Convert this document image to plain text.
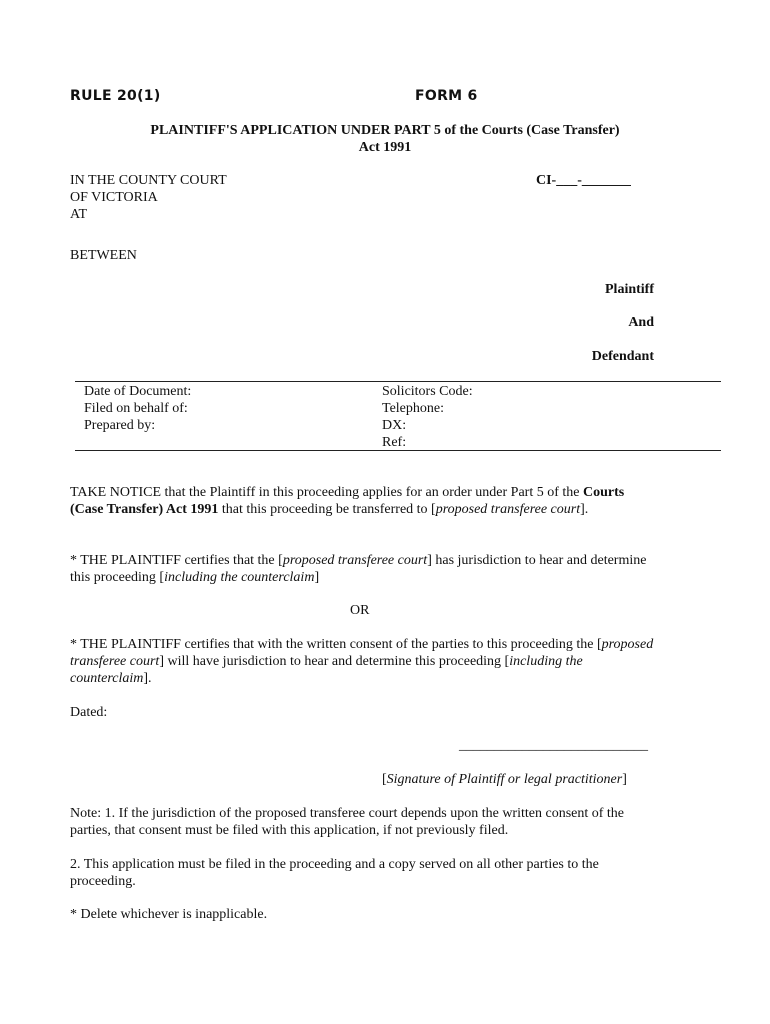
RULE 20(1)	FORM 6
PLAINTIFF'S APPLICATION UNDER PART 5 of the Courts (Case Transfer)
Act 1991
IN THE COUNTY COURT
OF VICTORIA
AT
CI-___-_______
BETWEEN
Plaintiff
And
Defendant
Date of Document:
Filed on behalf of:
Prepared by:
Solicitors Code:
Telephone:
DX:
Ref:

TAKE NOTICE that the Plaintiff in this proceeding applies for an order under Part 5 of the Courts (Case Transfer) Act 1991 that this proceeding be transferred to [proposed transferee court].

* THE PLAINTIFF certifies that the [proposed transferee court] has jurisdiction to hear and determine this proceeding [including the counterclaim]

OR

* THE PLAINTIFF certifies that with the written consent of the parties to this proceeding the [proposed transferee court] will have jurisdiction to hear and determine this proceeding [including the counterclaim].

Dated:
___________________________
[Signature of Plaintiff or legal practitioner]
Note: 1. If the jurisdiction of the proposed transferee court depends upon the written consent of the parties, that consent must be filed with this application, if not previously filed.
2. This application must be filed in the proceeding and a copy served on all other parties to the proceeding.
* Delete whichever is inapplicable.
